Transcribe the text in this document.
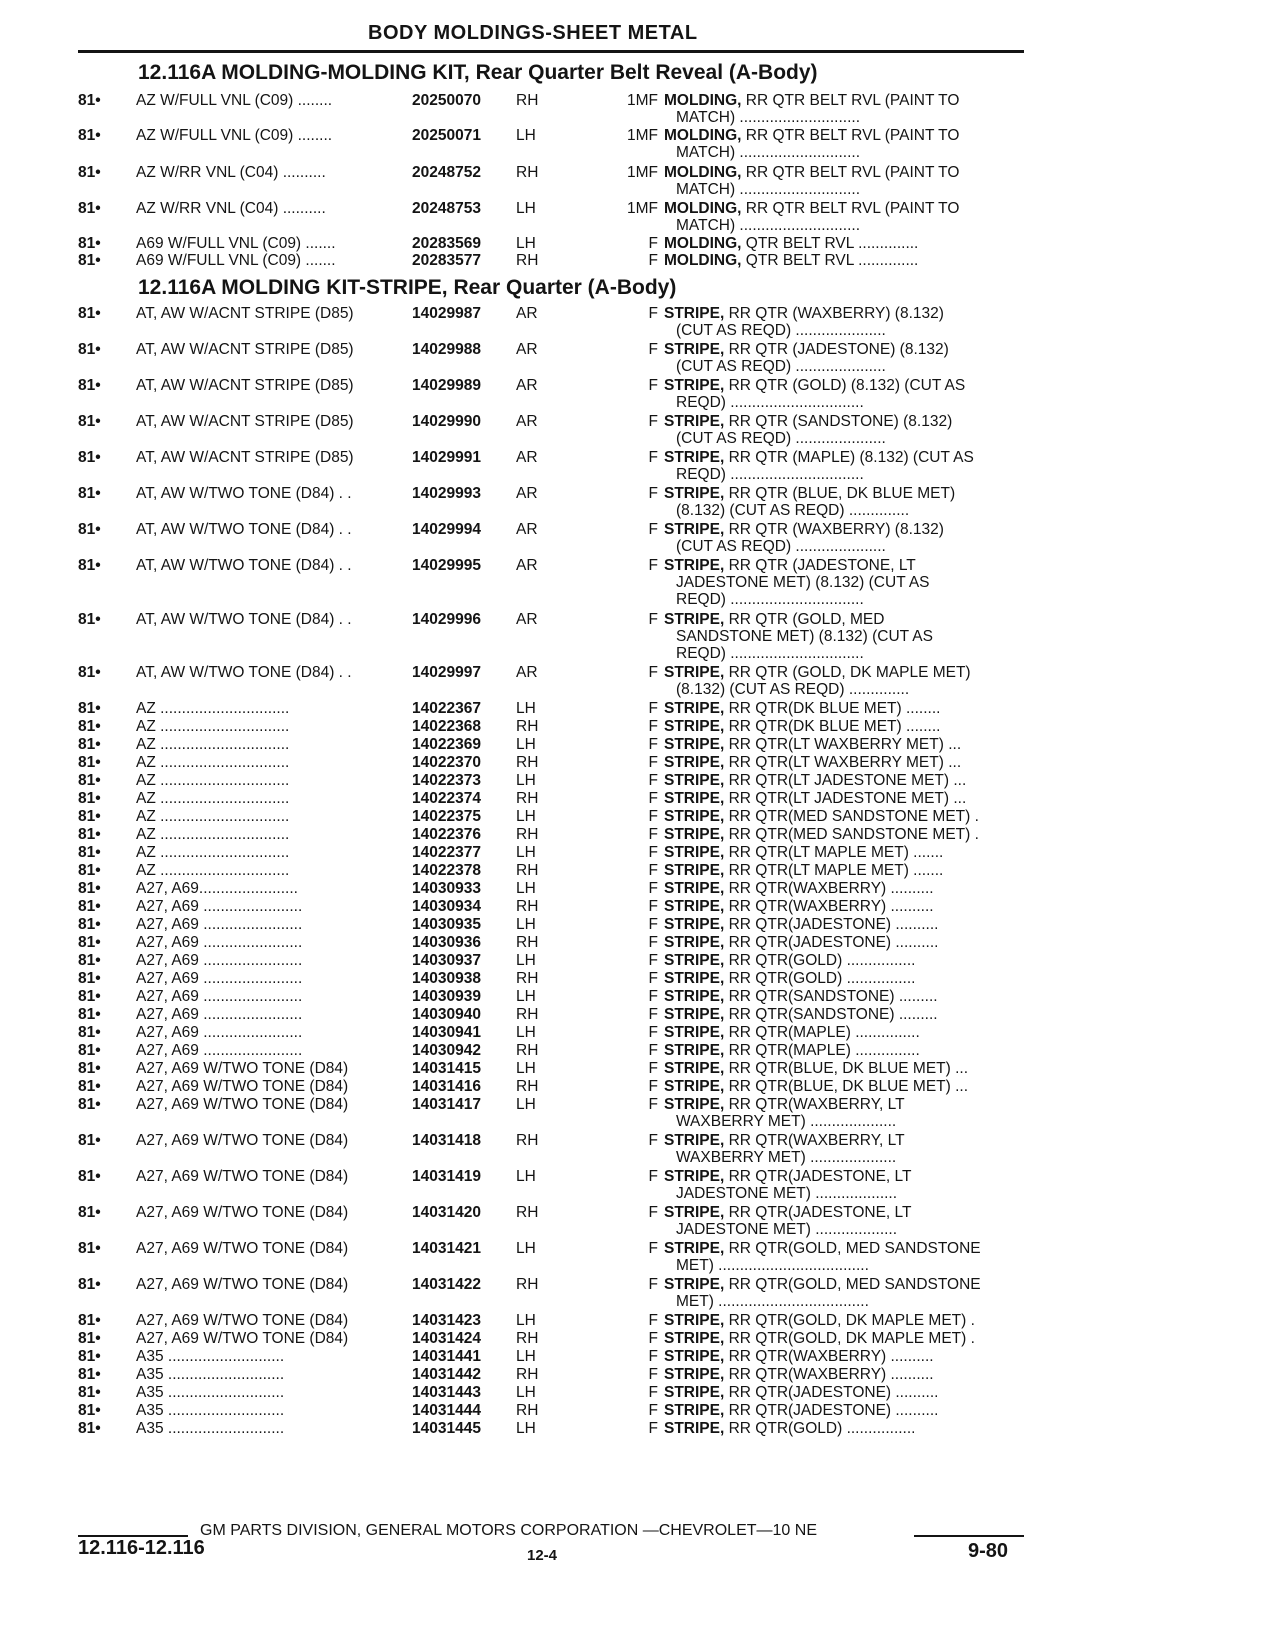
BODY MOLDINGS-SHEET METAL
12.116A MOLDING-MOLDING KIT, Rear Quarter Belt Reveal (A-Body)
12.116A MOLDING KIT-STRIPE, Rear Quarter (A-Body)
81• AZ W/FULL VNL (C09) ........	20250070 RH	1MF MOLDING, RR QTR BELT RVL (PAINT TO
MATCH) ............................
81• AZ W/FULL VNL (C09) ........	20250071 LH	1MF MOLDING, RR QTR BELT RVL (PAINT TO
MATCH) ............................
81• AZ W/RR VNL (C04) ..........	20248752 RH	1MF MOLDING, RR QTR BELT RVL (PAINT TO
MATCH) ............................
81• AZ W/RR VNL (C04) ..........	20248753 LH	1MF MOLDING, RR QTR BELT RVL (PAINT TO
MATCH) ............................
81• A69 W/FULL VNL (C09) .......	20283569 LH	F MOLDING, QTR BELT RVL ..............
81• A69 W/FULL VNL (C09) .......	20283577 RH	F MOLDING, QTR BELT RVL ..............
81• AT, AW W/ACNT STRIPE (D85)	14029987 AR	F STRIPE, RR QTR (WAXBERRY) (8.132)
(CUT AS REQD) .....................
81• AT, AW W/ACNT STRIPE (D85)	14029988 AR	F STRIPE, RR QTR (JADESTONE) (8.132)
(CUT AS REQD) .....................
81• AT, AW W/ACNT STRIPE (D85)	14029989 AR	F STRIPE, RR QTR (GOLD) (8.132) (CUT AS
REQD) ...............................
81• AT, AW W/ACNT STRIPE (D85)	14029990 AR	F STRIPE, RR QTR (SANDSTONE) (8.132)
(CUT AS REQD) .....................
81• AT, AW W/ACNT STRIPE (D85)	14029991 AR	F STRIPE, RR QTR (MAPLE) (8.132) (CUT AS
REQD) ...............................
81• AT, AW W/TWO TONE (D84) . .	14029993 AR	F STRIPE, RR QTR (BLUE, DK BLUE MET)
(8.132) (CUT AS REQD) ..............
81• AT, AW W/TWO TONE (D84) . .	14029994 AR	F STRIPE, RR QTR (WAXBERRY) (8.132)
(CUT AS REQD) .....................
81• AT, AW W/TWO TONE (D84) . .	14029995 AR	F STRIPE, RR QTR (JADESTONE, LT
JADESTONE MET) (8.132) (CUT AS
REQD) ...............................
81• AT, AW W/TWO TONE (D84) . .	14029996 AR	F STRIPE, RR QTR (GOLD, MED
SANDSTONE MET) (8.132) (CUT AS
REQD) ...............................
81• AT, AW W/TWO TONE (D84) . .	14029997 AR	F STRIPE, RR QTR (GOLD, DK MAPLE MET)
(8.132) (CUT AS REQD) ..............
81• AZ ..............................	14022367 LH	F STRIPE, RR QTR(DK BLUE MET) ........
81• AZ ..............................	14022368 RH	F STRIPE, RR QTR(DK BLUE MET) ........
81• AZ ..............................	14022369 LH	F STRIPE, RR QTR(LT WAXBERRY MET) ...
81• AZ ..............................	14022370 RH	F STRIPE, RR QTR(LT WAXBERRY MET) ...
81• AZ ..............................	14022373 LH	F STRIPE, RR QTR(LT JADESTONE MET) ...
81• AZ ..............................	14022374 RH	F STRIPE, RR QTR(LT JADESTONE MET) ...
81• AZ ..............................	14022375 LH	F STRIPE, RR QTR(MED SANDSTONE MET) .
81• AZ ..............................	14022376 RH	F STRIPE, RR QTR(MED SANDSTONE MET) .
81• AZ ..............................	14022377 LH	F STRIPE, RR QTR(LT MAPLE MET) .......
81• AZ ..............................	14022378 RH	F STRIPE, RR QTR(LT MAPLE MET) .......
81• A27, A69.......................	14030933 LH	F STRIPE, RR QTR(WAXBERRY) ..........
81• A27, A69 .......................	14030934 RH	F STRIPE, RR QTR(WAXBERRY) ..........
81• A27, A69 .......................	14030935 LH	F STRIPE, RR QTR(JADESTONE) ..........
81• A27, A69 .......................	14030936 RH	F STRIPE, RR QTR(JADESTONE) ..........
81• A27, A69 .......................	14030937 LH	F STRIPE, RR QTR(GOLD) ................
81• A27, A69 .......................	14030938 RH	F STRIPE, RR QTR(GOLD) ................
81• A27, A69 .......................	14030939 LH	F STRIPE, RR QTR(SANDSTONE) .........
81• A27, A69 .......................	14030940 RH	F STRIPE, RR QTR(SANDSTONE) .........
81• A27, A69 .......................	14030941 LH	F STRIPE, RR QTR(MAPLE) ...............
81• A27, A69 .......................	14030942 RH	F STRIPE, RR QTR(MAPLE) ...............
81• A27, A69 W/TWO TONE (D84)	14031415 LH	F STRIPE, RR QTR(BLUE, DK BLUE MET) ...
81• A27, A69 W/TWO TONE (D84)	14031416 RH	F STRIPE, RR QTR(BLUE, DK BLUE MET) ...
81• A27, A69 W/TWO TONE (D84)	14031417 LH	F STRIPE, RR QTR(WAXBERRY, LT
WAXBERRY MET) ....................
81• A27, A69 W/TWO TONE (D84)	14031418 RH	F STRIPE, RR QTR(WAXBERRY, LT
WAXBERRY MET) ....................
81• A27, A69 W/TWO TONE (D84)	14031419 LH	F STRIPE, RR QTR(JADESTONE, LT
JADESTONE MET) ...................
81• A27, A69 W/TWO TONE (D84)	14031420 RH	F STRIPE, RR QTR(JADESTONE, LT
JADESTONE MET) ...................
81• A27, A69 W/TWO TONE (D84)	14031421 LH	F STRIPE, RR QTR(GOLD, MED SANDSTONE
MET) ...................................
81• A27, A69 W/TWO TONE (D84)	14031422 RH	F STRIPE, RR QTR(GOLD, MED SANDSTONE
MET) ...................................
81• A27, A69 W/TWO TONE (D84)	14031423 LH	F STRIPE, RR QTR(GOLD, DK MAPLE MET) .
81• A27, A69 W/TWO TONE (D84)	14031424 RH	F STRIPE, RR QTR(GOLD, DK MAPLE MET) .
81• A35 ...........................	14031441 LH	F STRIPE, RR QTR(WAXBERRY) ..........
81• A35 ...........................	14031442 RH	F STRIPE, RR QTR(WAXBERRY) ..........
81• A35 ...........................	14031443 LH	F STRIPE, RR QTR(JADESTONE) ..........
81• A35 ...........................	14031444 RH	F STRIPE, RR QTR(JADESTONE) ..........
81• A35 ...........................	14031445 LH	F STRIPE, RR QTR(GOLD) ................
GM PARTS DIVISION, GENERAL MOTORS CORPORATION —CHEVROLET—10 NE
12.116-12.116	12-4	9-80
